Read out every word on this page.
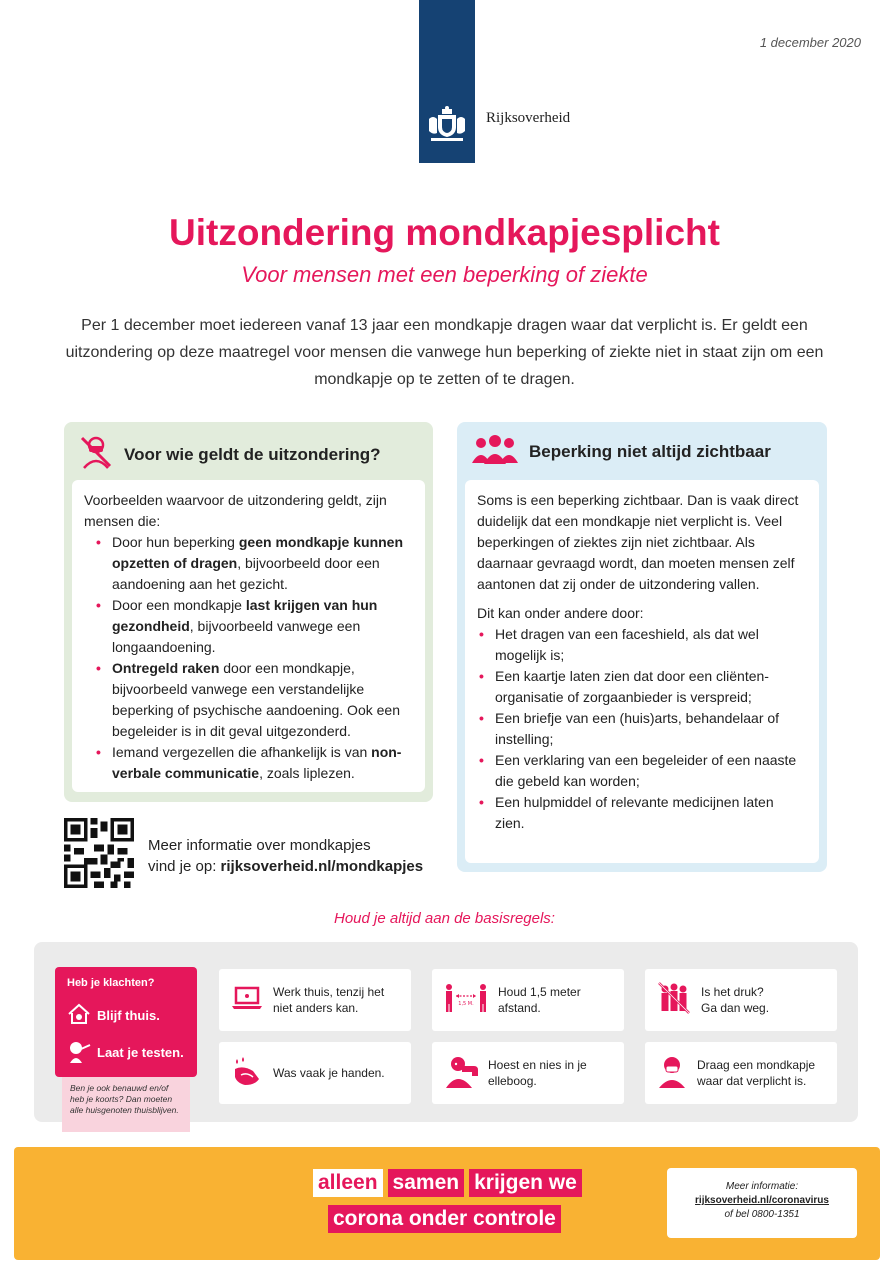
1 december 2020
Rijksoverheid
Uitzondering mondkapjesplicht
Voor mensen met een beperking of ziekte

Per 1 december moet iedereen vanaf 13 jaar een mondkapje dragen waar dat verplicht is. Er geldt een uitzondering op deze maatregel voor mensen die vanwege hun beperking of ziekte niet in staat zijn om een mondkapje op te zetten of te dragen.

Voor wie geldt de uitzondering?

Voorbeelden waarvoor de uitzondering geldt, zijn mensen die:

• Door hun beperking geen mondkapje kunnen opzetten of dragen, bijvoorbeeld door een aandoening aan het gezicht.
• Door een mondkapje last krijgen van hun gezondheid, bijvoorbeeld vanwege een longaandoening.
• Ontregeld raken door een mondkapje, bijvoorbeeld vanwege een verstandelijke beperking of psychische aandoening. Ook een begeleider is in dit geval uitgezonderd.
• Iemand vergezellen die afhankelijk is van non-verbale communicatie, zoals liplezen.
Beperking niet altijd zichtbaar

Soms is een beperking zichtbaar. Dan is vaak direct duidelijk dat een mondkapje niet verplicht is. Veel beperkingen of ziektes zijn niet zichtbaar. Als daarnaar gevraagd wordt, dan moeten mensen zelf aantonen dat zij onder de uitzondering vallen.

Dit kan onder andere door:

• Het dragen van een faceshield, als dat wel mogelijk is;
• Een kaartje laten zien dat door een cliënten-organisatie of zorgaanbieder is verspreid;
• Een briefje van een (huis)arts, behandelaar of instelling;
• Een verklaring van een begeleider of een naaste die gebeld kan worden;
• Een hulpmiddel of relevante medicijnen laten zien.
Meer informatie over mondkapjes
vind je op: rijksoverheid.nl/mondkapjes
Houd je altijd aan de basisregels:
Heb je klachten?
Blijf thuis.
Laat je testen.
Ben je ook benauwd en/of heb je koorts? Dan moeten alle huisgenoten thuisblijven.
Werk thuis, tenzij het niet anders kan.	1,5 M.
Houd 1,5 meter afstand.
Is het druk? Ga dan weg.
Was vaak je handen.
Hoest en nies in je elleboog.
Draag een mondkapje waar dat verplicht is.
alleen samen krijgen we
corona onder controle
Meer informatie:
rijksoverheid.nl/coronavirus
of bel 0800-1351
